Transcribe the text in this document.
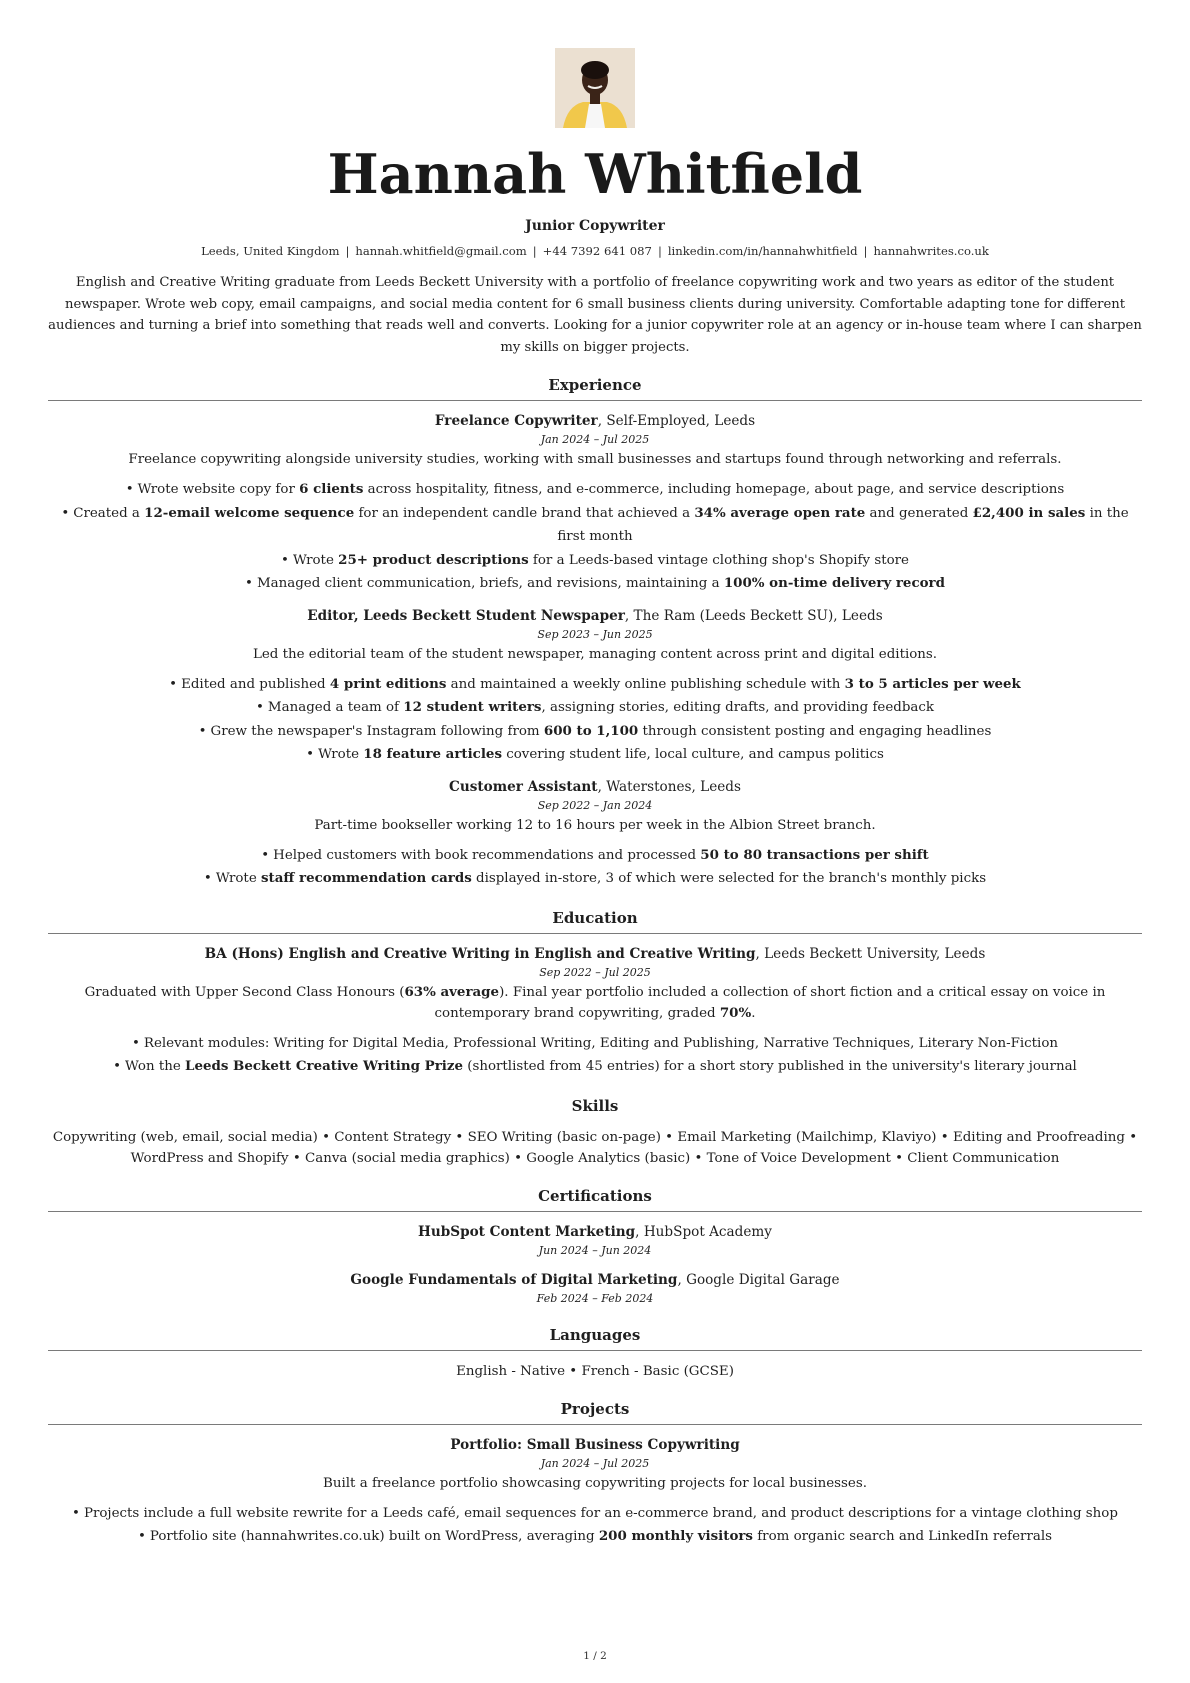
Hannah Whitfield
Junior Copywriter
Leeds, United Kingdom | hannah.whitfield@gmail.com | +44 7392 641 087 | linkedin.com/in/hannahwhitfield | hannahwrites.co.uk
English and Creative Writing graduate from Leeds Beckett University with a portfolio of freelance copywriting work and two years as editor of the student newspaper. Wrote web copy, email campaigns, and social media content for 6 small business clients during university. Comfortable adapting tone for different audiences and turning a brief into something that reads well and converts. Looking for a junior copywriter role at an agency or in-house team where I can sharpen my skills on bigger projects.
Experience
Freelance Copywriter, Self-Employed, Leeds
Jan 2024 – Jul 2025
Freelance copywriting alongside university studies, working with small businesses and startups found through networking and referrals.
• Wrote website copy for 6 clients across hospitality, fitness, and e-commerce, including homepage, about page, and service descriptions
• Created a 12-email welcome sequence for an independent candle brand that achieved a 34% average open rate and generated £2,400 in sales in the first month
• Wrote 25+ product descriptions for a Leeds-based vintage clothing shop's Shopify store
• Managed client communication, briefs, and revisions, maintaining a 100% on-time delivery record
Editor, Leeds Beckett Student Newspaper, The Ram (Leeds Beckett SU), Leeds
Sep 2023 – Jun 2025
Led the editorial team of the student newspaper, managing content across print and digital editions.
• Edited and published 4 print editions and maintained a weekly online publishing schedule with 3 to 5 articles per week
• Managed a team of 12 student writers, assigning stories, editing drafts, and providing feedback
• Grew the newspaper's Instagram following from 600 to 1,100 through consistent posting and engaging headlines
• Wrote 18 feature articles covering student life, local culture, and campus politics
Customer Assistant, Waterstones, Leeds
Sep 2022 – Jan 2024
Part-time bookseller working 12 to 16 hours per week in the Albion Street branch.
• Helped customers with book recommendations and processed 50 to 80 transactions per shift
• Wrote staff recommendation cards displayed in-store, 3 of which were selected for the branch's monthly picks
Education
BA (Hons) English and Creative Writing in English and Creative Writing, Leeds Beckett University, Leeds
Sep 2022 – Jul 2025
Graduated with Upper Second Class Honours (63% average). Final year portfolio included a collection of short fiction and a critical essay on voice in contemporary brand copywriting, graded 70%.
• Relevant modules: Writing for Digital Media, Professional Writing, Editing and Publishing, Narrative Techniques, Literary Non-Fiction
• Won the Leeds Beckett Creative Writing Prize (shortlisted from 45 entries) for a short story published in the university's literary journal
Skills
Copywriting (web, email, social media) • Content Strategy • SEO Writing (basic on-page) • Email Marketing (Mailchimp, Klaviyo) • Editing and Proofreading • WordPress and Shopify • Canva (social media graphics) • Google Analytics (basic) • Tone of Voice Development • Client Communication
Certifications
HubSpot Content Marketing, HubSpot Academy
Jun 2024 – Jun 2024
Google Fundamentals of Digital Marketing, Google Digital Garage
Feb 2024 – Feb 2024
Languages
English - Native • French - Basic (GCSE)
Projects
Portfolio: Small Business Copywriting
Jan 2024 – Jul 2025
Built a freelance portfolio showcasing copywriting projects for local businesses.
• Projects include a full website rewrite for a Leeds café, email sequences for an e-commerce brand, and product descriptions for a vintage clothing shop
• Portfolio site (hannahwrites.co.uk) built on WordPress, averaging 200 monthly visitors from organic search and LinkedIn referrals
1 / 2
